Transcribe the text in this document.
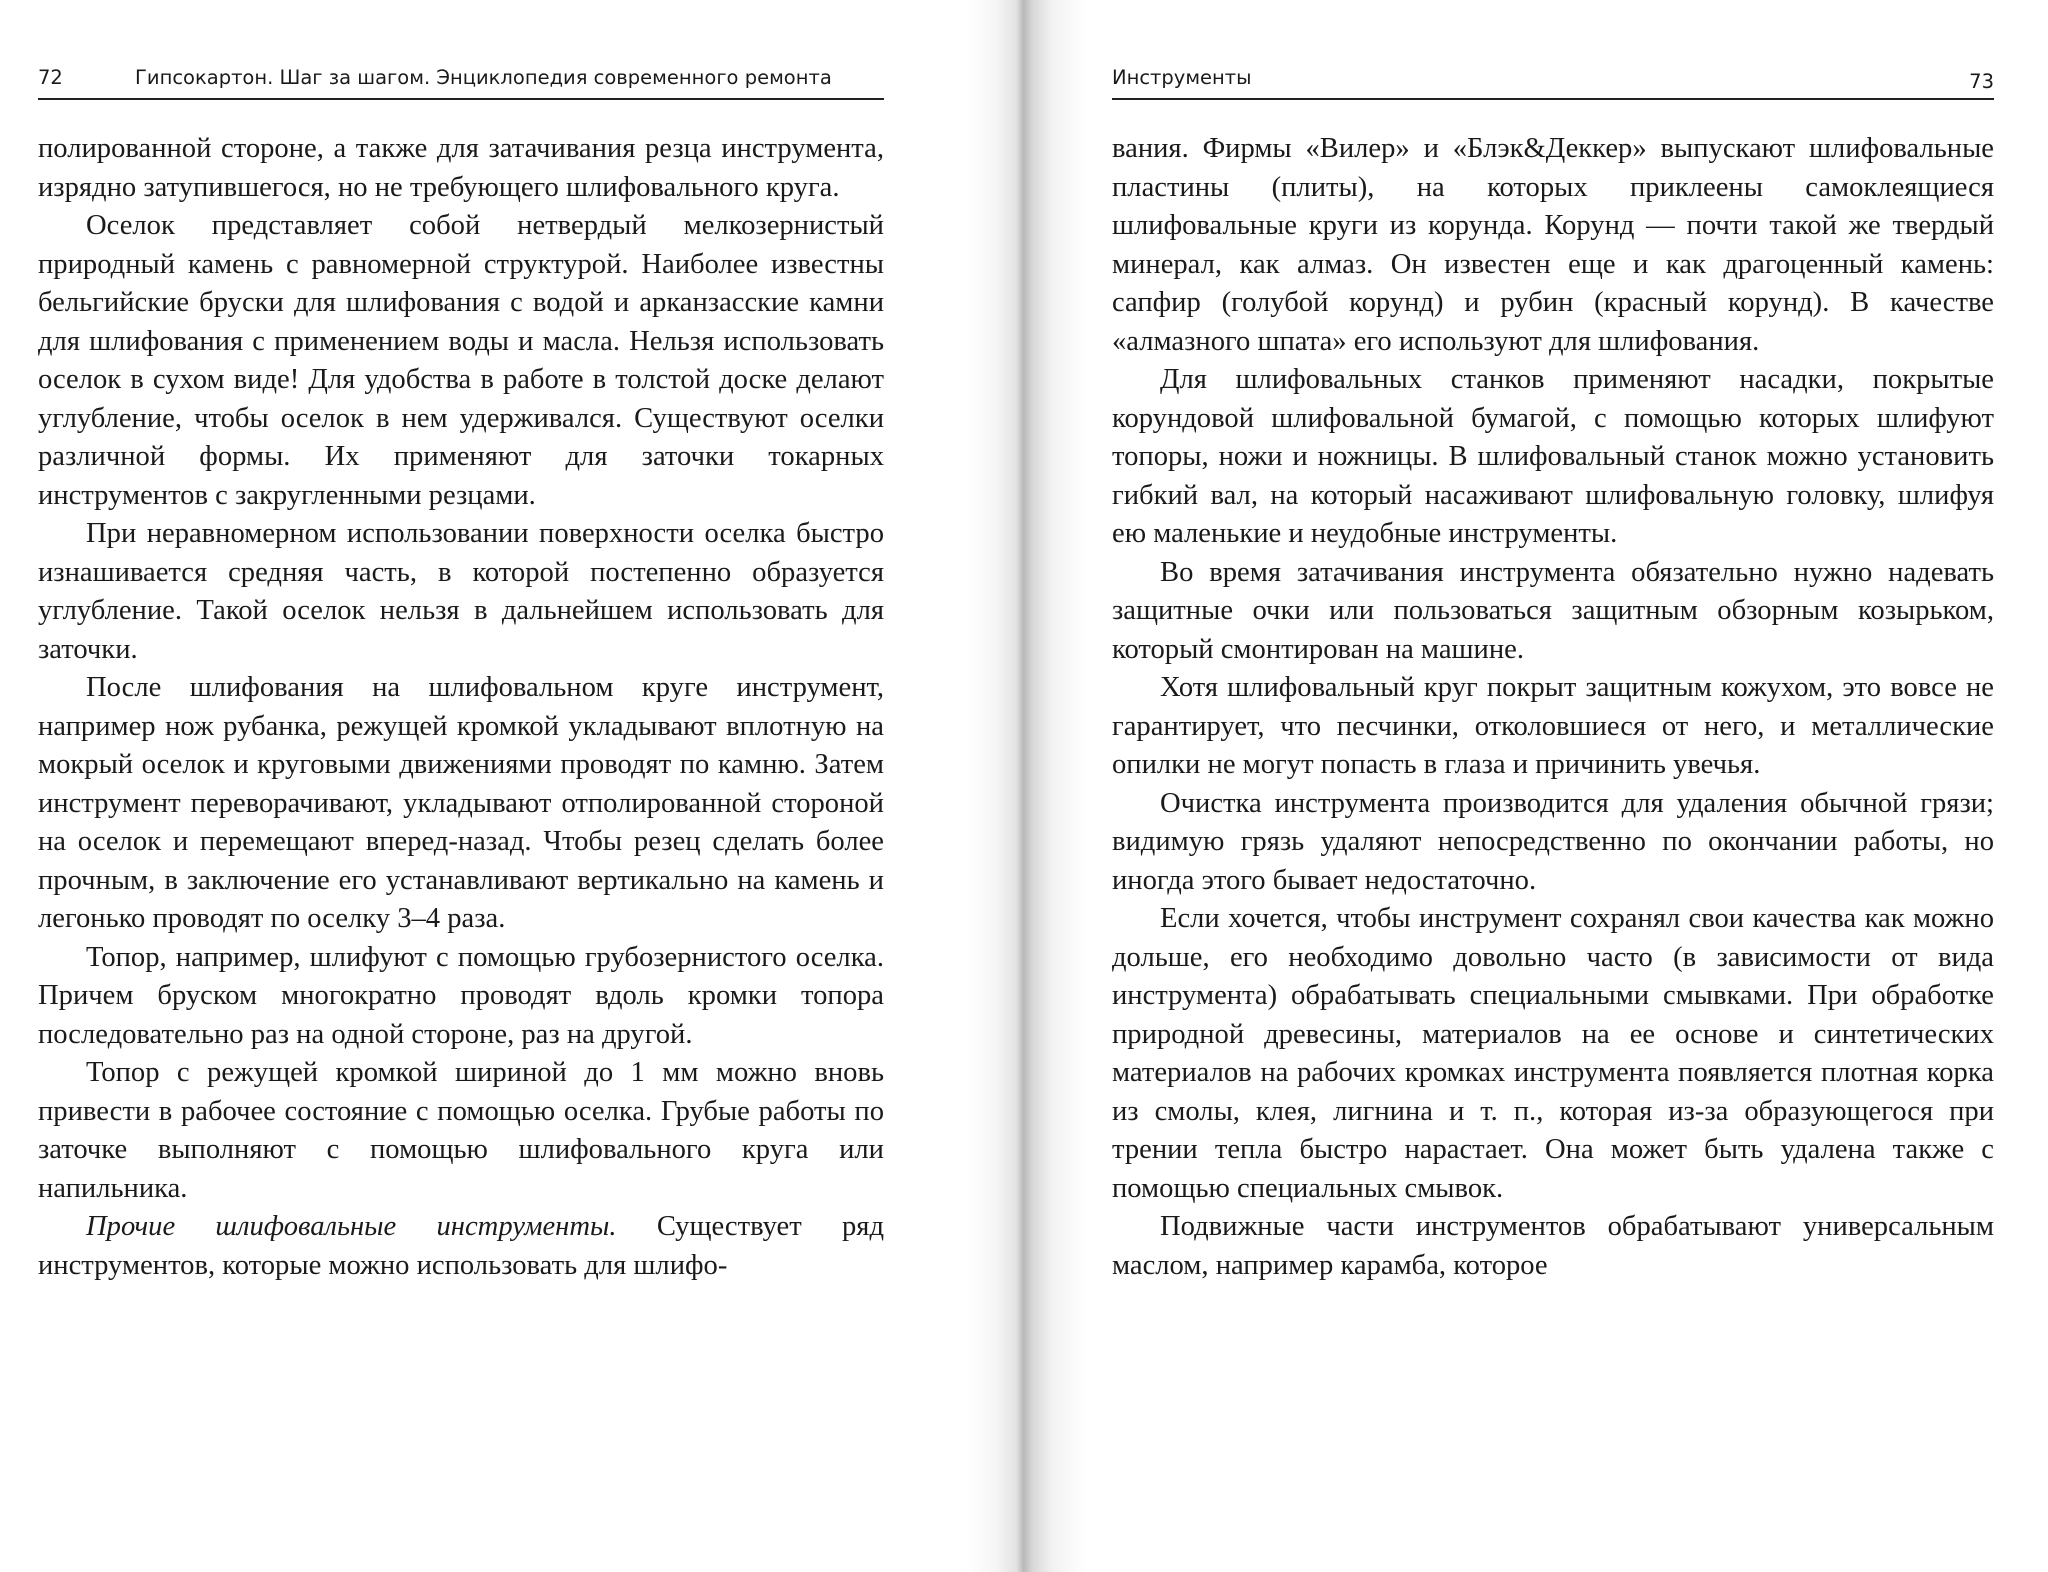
72	Гипсокартон. Шаг за шагом. Энциклопедия современного ремонта

полированной стороне, а также для затачивания резца инструмента, изрядно затупившегося, но не требующего шлифовального круга.

Оселок представляет собой нетвердый мелкозернистый природный камень с равномерной структурой. Наиболее известны бельгийские бруски для шлифования с водой и арканзасские камни для шлифования с применением воды и масла. Нельзя использовать оселок в сухом виде! Для удобства в работе в толстой доске делают углубление, чтобы оселок в нем удерживался. Существуют оселки различной формы. Их применяют для заточки токарных инструментов с закругленными резцами.

При неравномерном использовании поверхности оселка быстро изнашивается средняя часть, в которой постепенно образуется углубление. Такой оселок нельзя в дальнейшем использовать для заточки.

После шлифования на шлифовальном круге инструмент, например нож рубанка, режущей кромкой укладывают вплотную на мокрый оселок и круговыми движениями проводят по камню. Затем инструмент переворачивают, укладывают отполированной стороной на оселок и перемещают вперед-назад. Чтобы резец сделать более прочным, в заключение его устанавливают вертикально на камень и легонько проводят по оселку 3–4 раза.

Топор, например, шлифуют с помощью грубозернистого оселка. Причем бруском многократно проводят вдоль кромки топора последовательно раз на одной стороне, раз на другой.

Топор с режущей кромкой шириной до 1 мм можно вновь привести в рабочее состояние с помощью оселка. Грубые работы по заточке выполняют с помощью шлифовального круга или напильника.

Прочие шлифовальные инструменты. Существует ряд инструментов, которые можно использовать для шлифо-

Инструменты	73

вания. Фирмы «Вилер» и «Блэк&Деккер» выпускают шлифовальные пластины (плиты), на которых приклеены самоклеящиеся шлифовальные круги из корунда. Корунд — почти такой же твердый минерал, как алмаз. Он известен еще и как драгоценный камень: сапфир (голубой корунд) и рубин (красный корунд). В качестве «алмазного шпата» его используют для шлифования.

Для шлифовальных станков применяют насадки, покрытые корундовой шлифовальной бумагой, с помощью которых шлифуют топоры, ножи и ножницы. В шлифовальный станок можно установить гибкий вал, на который насаживают шлифовальную головку, шлифуя ею маленькие и неудобные инструменты.

Во время затачивания инструмента обязательно нужно надевать защитные очки или пользоваться защитным обзорным козырьком, который смонтирован на машине.

Хотя шлифовальный круг покрыт защитным кожухом, это вовсе не гарантирует, что песчинки, отколовшиеся от него, и металлические опилки не могут попасть в глаза и причинить увечья.

Очистка инструмента производится для удаления обычной грязи; видимую грязь удаляют непосредственно по окончании работы, но иногда этого бывает недостаточно.

Если хочется, чтобы инструмент сохранял свои качества как можно дольше, его необходимо довольно часто (в зависимости от вида инструмента) обрабатывать специальными смывками. При обработке природной древесины, материалов на ее основе и синтетических материалов на рабочих кромках инструмента появляется плотная корка из смолы, клея, лигнина и т. п., которая из-за образующегося при трении тепла быстро нарастает. Она может быть удалена также с помощью специальных смывок.

Подвижные части инструментов обрабатывают универсальным маслом, например карамба, которое
